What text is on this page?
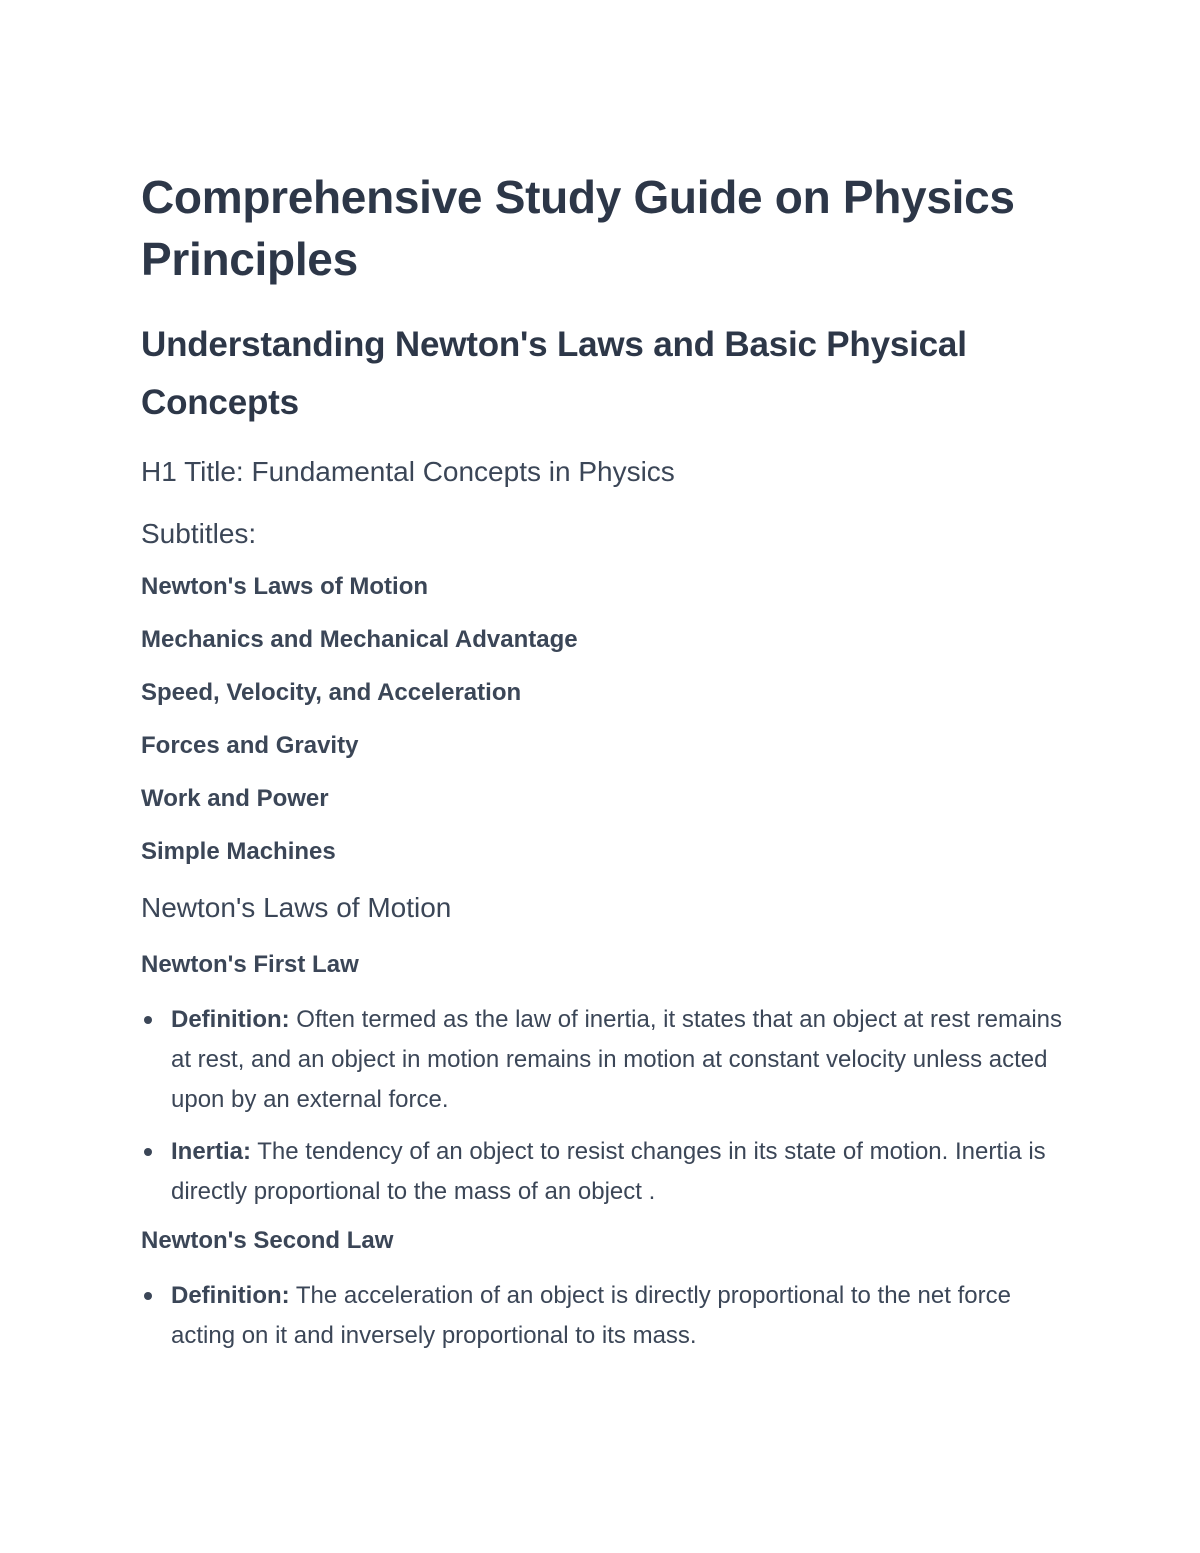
Comprehensive Study Guide on Physics Principles
Understanding Newton's Laws and Basic Physical Concepts

H1 Title: Fundamental Concepts in Physics

Subtitles:

Newton's Laws of Motion
Mechanics and Mechanical Advantage
Speed, Velocity, and Acceleration
Forces and Gravity
Work and Power
Simple Machines
Newton's Laws of Motion
Newton's First Law
Definition: Often termed as the law of inertia, it states that an object at rest remains at rest, and an object in motion remains in motion at constant velocity unless acted upon by an external force.
Inertia: The tendency of an object to resist changes in its state of motion. Inertia is directly proportional to the mass of an object .
Newton's Second Law
Definition: The acceleration of an object is directly proportional to the net force acting on it and inversely proportional to its mass.
